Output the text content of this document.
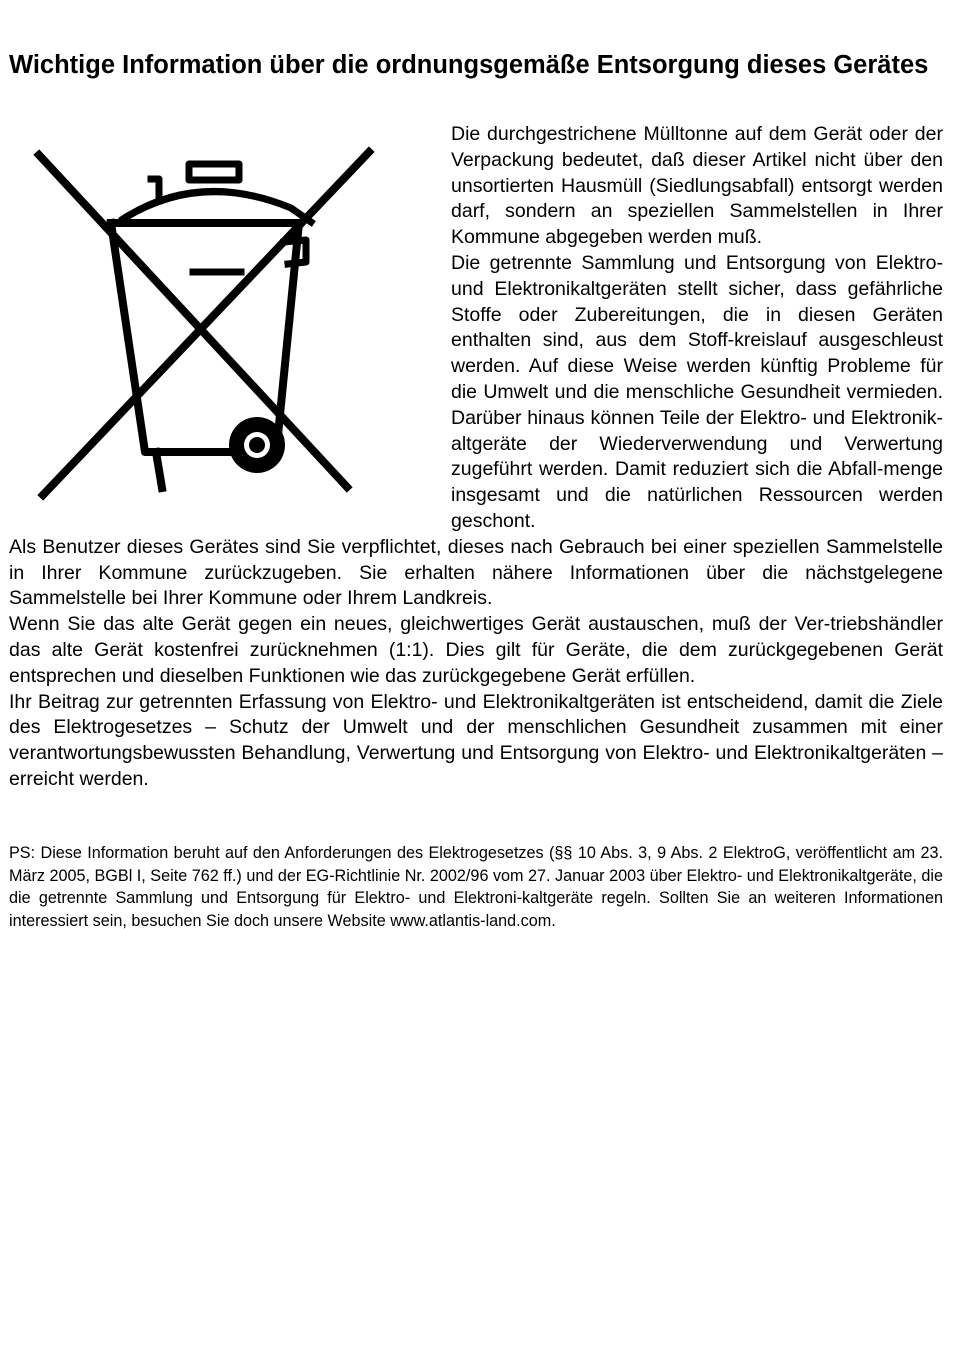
Wichtige Information über die ordnungsgemäße Entsorgung dieses Gerätes

Die durchgestrichene Mülltonne auf dem Gerät oder der Verpackung bedeutet, daß dieser Artikel nicht über den unsortierten Hausmüll (Siedlungsabfall) entsorgt werden darf, sondern an speziellen Sammelstellen in Ihrer Kommune abgegeben werden muß.

Die getrennte Sammlung und Entsorgung von Elektro- und Elektronikaltgeräten stellt sicher, dass gefährliche Stoffe oder Zubereitungen, die in diesen Geräten enthalten sind, aus dem Stoff-kreislauf ausgeschleust werden. Auf diese Weise werden künftig Probleme für die Umwelt und die menschliche Gesundheit vermieden. Darüber hinaus können Teile der Elektro- und Elektronik-altgeräte der Wiederverwendung und Verwertung zugeführt werden. Damit reduziert sich die Abfall-menge insgesamt und die natürlichen Ressourcen werden geschont.

Als Benutzer dieses Gerätes sind Sie verpflichtet, dieses nach Gebrauch bei einer speziellen Sammelstelle in Ihrer Kommune zurückzugeben. Sie erhalten nähere Informationen über die nächstgelegene Sammelstelle bei Ihrer Kommune oder Ihrem Landkreis.

Wenn Sie das alte Gerät gegen ein neues, gleichwertiges Gerät austauschen, muß der Ver-triebshändler das alte Gerät kostenfrei zurücknehmen (1:1). Dies gilt für Geräte, die dem zurückgegebenen Gerät entsprechen und dieselben Funktionen wie das zurückgegebene Gerät erfüllen.

Ihr Beitrag zur getrennten Erfassung von Elektro- und Elektronikaltgeräten ist entscheidend, damit die Ziele des Elektrogesetzes – Schutz der Umwelt und der menschlichen Gesundheit zusammen mit einer verantwortungsbewussten Behandlung, Verwertung und Entsorgung von Elektro- und Elektronikaltgeräten – erreicht werden.

PS: Diese Information beruht auf den Anforderungen des Elektrogesetzes (§§ 10 Abs. 3, 9 Abs. 2 ElektroG, veröffentlicht am 23. März 2005, BGBl I, Seite 762 ff.) und der EG-Richtlinie Nr. 2002/96 vom 27. Januar 2003 über Elektro- und Elektronikaltgeräte, die die getrennte Sammlung und Entsorgung für Elektro- und Elektroni-kaltgeräte regeln. Sollten Sie an weiteren Informationen interessiert sein, besuchen Sie doch unsere Website www.atlantis-land.com.
